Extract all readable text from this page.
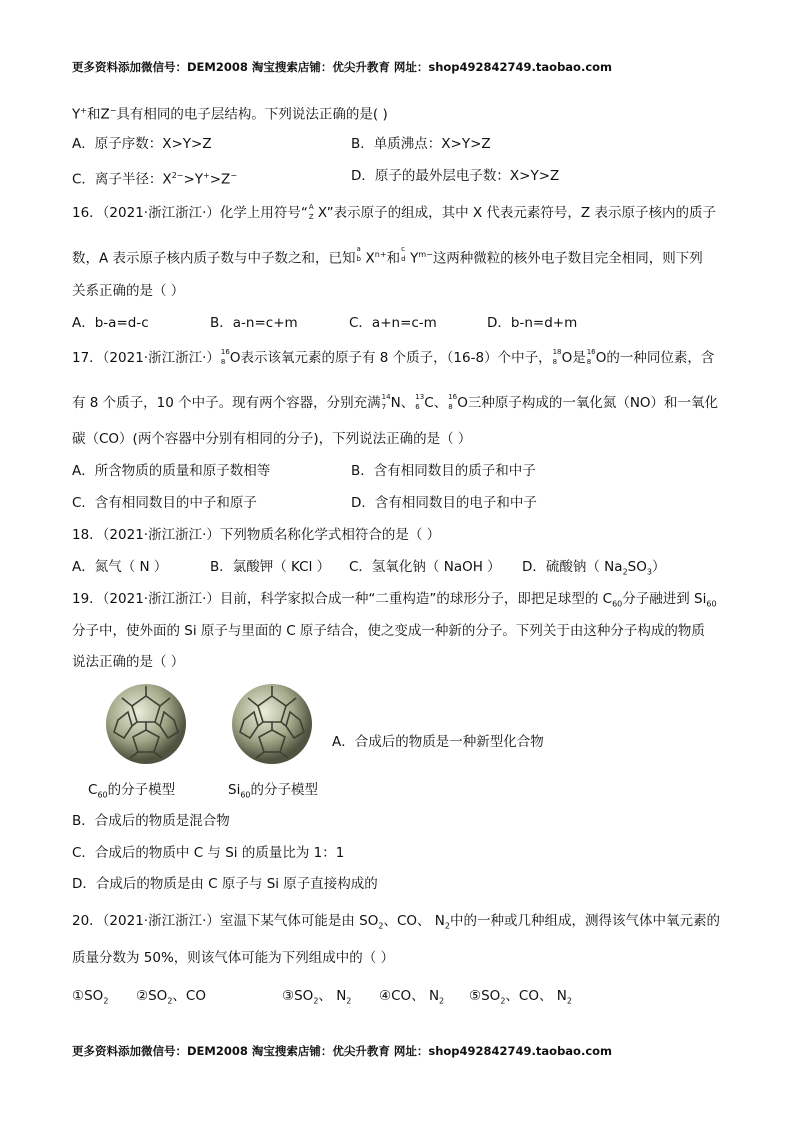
更多资料添加微信号：DEM2008 淘宝搜索店铺：优尖升教育 网址：shop492842749.taobao.com
Y+和Z−具有相同的电子层结构。下列说法正确的是( )
A．原子序数：X>Y>Z	B．单质沸点：X>Y>Z
C．离子半径：$X^{2-}>Y^+>Z^-$	D．原子的最外层电子数：X>Y>Z
16．（2021·浙江浙江·）化学上用符号“ A
Z X”表示原子的组成，其中 X 代表元素符号，Z 表示原子核内的质子
数，A 表示原子核内质子数与中子数之和，已知
a
b $X^{n+}$和
c
d $Y^{m-}$这两种微粒的核外电子数目完全相同，则下列
关系正确的是（ ）
A．b-a=d-c	B．a-n=c+m	C．a+n=c-m	D．b-n=d+m
17．（2021·浙江浙江·） 16
8 O表示该氧元素的原子有 8 个质子，（16-8）个中子， 18
8 O是 16
8 O的一种同位素，含
有 8 个质子，10 个中子。现有两个容器，分别充满 14
7 N、 13
6 C、 16
8 O三种原子构成的一氧化氮（NO）和一氧化
碳（CO）(两个容器中分别有相同的分子)，下列说法正确的是（ ）
A．所含物质的质量和原子数相等	B．含有相同数目的质子和中子
C．含有相同数目的中子和原子	D．含有相同数目的电子和中子
18．（2021·浙江浙江·）下列物质名称化学式相符合的是（ ）
A．氮气（ N ）	B．氯酸钾（ KCl ） C．氢氧化钠（ NaOH ） D．硫酸钠（ $Na_2SO_3$）
19．（2021·浙江浙江·）目前，科学家拟合成一种“二重构造”的球形分子，即把足球型的 $C_{60}$分子融进到 $Si_{60}$
分子中，使外面的 Si 原子与里面的 C 原子结合，使之变成一种新的分子。下列关于由这种分子构成的物质
说法正确的是（ ）
A．合成后的物质是一种新型化合物
$C_{60}$的分子模型	$Si_{60}$的分子模型
B．合成后的物质是混合物
C．合成后的物质中 C 与 Si 的质量比为 1：1
D．合成后的物质是由 C 原子与 Si 原子直接构成的
20．（2021·浙江浙江·）室温下某气体可能是由 $SO_2$、CO、 $N_2$中的一种或几种组成，测得该气体中氧元素的
质量分数为 50%，则该气体可能为下列组成中的（ ）
$①SO_2$ $②SO_2$、CO	$③SO_2$、 $N_2$ ④CO、 $N_2$ $⑤SO_2$、CO、 $N_2$
更多资料添加微信号：DEM2008 淘宝搜索店铺：优尖升教育 网址：shop492842749.taobao.com
